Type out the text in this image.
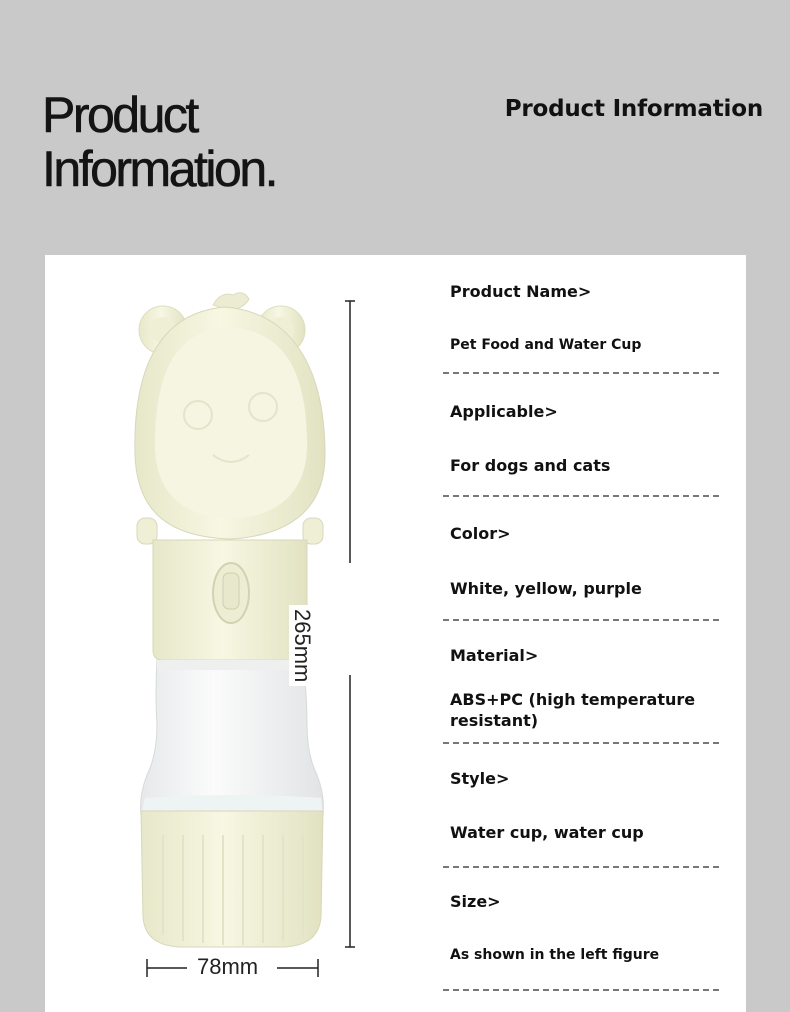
Product
Information.
Product Information
78mm
265mm
Product Name>
Pet Food and Water Cup
Applicable>
For dogs and cats
Color>
White, yellow, purple
Material>
ABS+PC (high temperature resistant)
Style>
Water cup, water cup
Size>
As shown in the left figure
